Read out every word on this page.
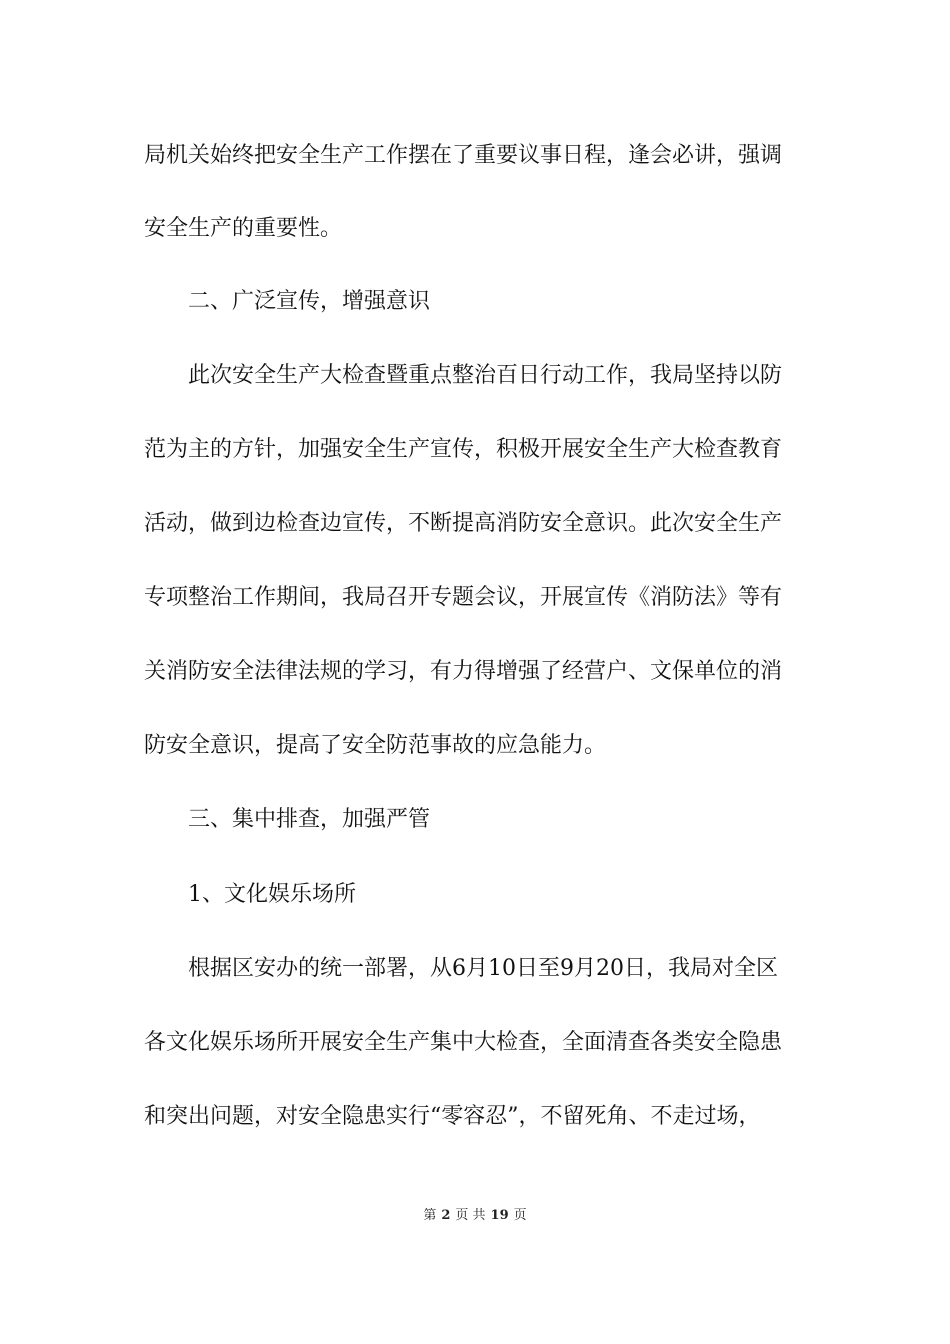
局机关始终把安全生产工作摆在了重要议事日程，逢会必讲，强调
安全生产的重要性。
二、广泛宣传，增强意识
此次安全生产大检查暨重点整治百日行动工作，我局坚持以防
范为主的方针，加强安全生产宣传，积极开展安全生产大检查教育
活动，做到边检查边宣传，不断提高消防安全意识。此次安全生产
专项整治工作期间，我局召开专题会议，开展宣传《消防法》等有
关消防安全法律法规的学习，有力得增强了经营户、文保单位的消
防安全意识，提高了安全防范事故的应急能力。
三、集中排查，加强严管
1、文化娱乐场所
根据区安办的统一部署，从6月10日至9月20日，我局对全区
各文化娱乐场所开展安全生产集中大检查，全面清查各类安全隐患
和突出问题，对安全隐患实行“零容忍”，不留死角、不走过场，
第 2 页 共 19 页
